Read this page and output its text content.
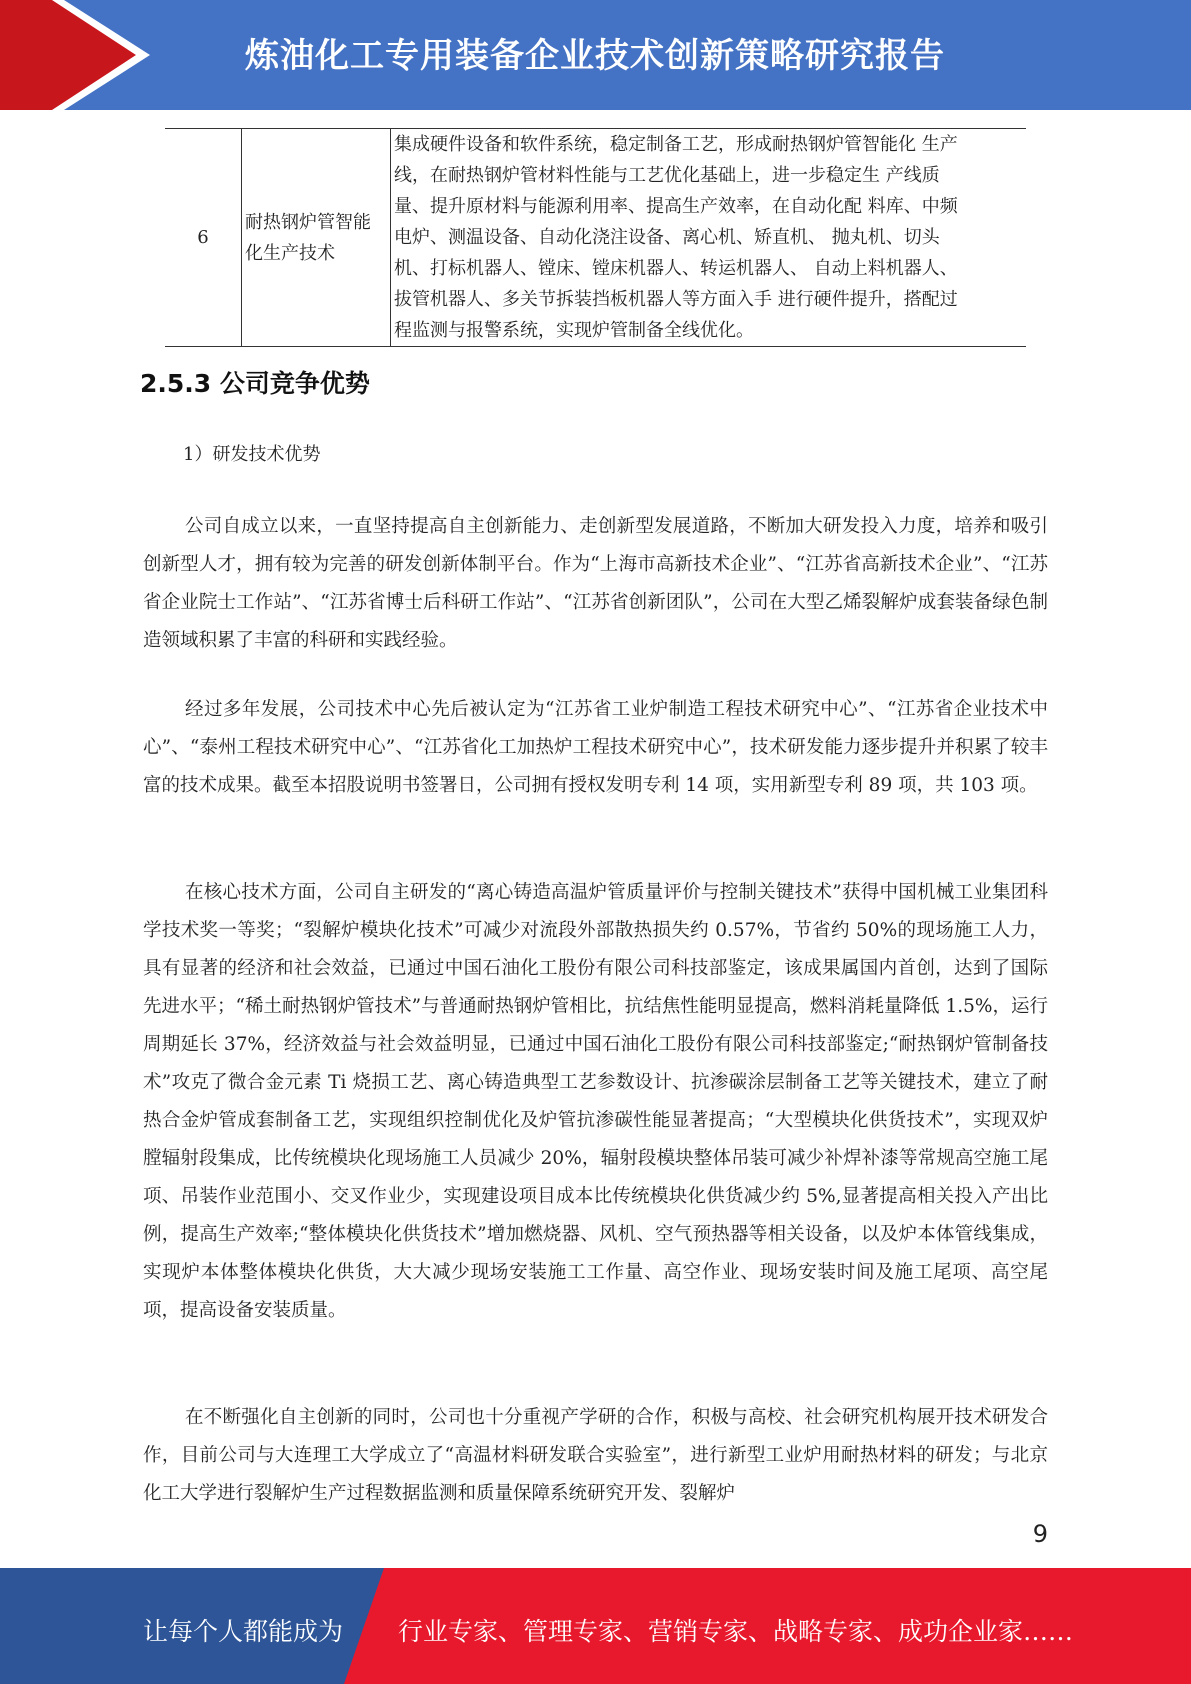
炼油化工专用装备企业技术创新策略研究报告
6	耐热钢炉管智能化生产技术	
集成硬件设备和软件系统，稳定制备工艺，形成耐热钢炉管智能化 生产
线，在耐热钢炉管材料性能与工艺优化基础上，进一步稳定生 产线质
量、提升原材料与能源利用率、提高生产效率，在自动化配 料库、中频
电炉、测温设备、自动化浇注设备、离心机、矫直机、 抛丸机、切头
机、打标机器人、镗床、镗床机器人、转运机器人、 自动上料机器人、
拔管机器人、多关节拆装挡板机器人等方面入手 进行硬件提升，搭配过
程监测与报警系统，实现炉管制备全线优化。
2.5.3 公司竞争优势
1）研发技术优势

公司自成立以来，一直坚持提高自主创新能力、走创新型发展道路，不断加大研发投入力度，培养和吸引创新型人才，拥有较为完善的研发创新体制平台。作为“上海市高新技术企业”、“江苏省高新技术企业”、“江苏省企业院士工作站”、“江苏省博士后科研工作站”、“江苏省创新团队”，公司在大型乙烯裂解炉成套装备绿色制造领域积累了丰富的科研和实践经验。

经过多年发展，公司技术中心先后被认定为“江苏省工业炉制造工程技术研究中心”、“江苏省企业技术中心”、“泰州工程技术研究中心”、“江苏省化工加热炉工程技术研究中心”，技术研发能力逐步提升并积累了较丰富的技术成果。截至本招股说明书签署日，公司拥有授权发明专利 14 项，实用新型专利 89 项，共 103 项。

在核心技术方面，公司自主研发的“离心铸造高温炉管质量评价与控制关键技术”获得中国机械工业集团科学技术奖一等奖；“裂解炉模块化技术”可减少对流段外部散热损失约 0.57%，节省约 50%的现场施工人力，具有显著的经济和社会效益，已通过中国石油化工股份有限公司科技部鉴定，该成果属国内首创，达到了国际先进水平；“稀土耐热钢炉管技术”与普通耐热钢炉管相比，抗结焦性能明显提高，燃料消耗量降低 1.5%，运行周期延长 37%，经济效益与社会效益明显，已通过中国石油化工股份有限公司科技部鉴定;“耐热钢炉管制备技术”攻克了微合金元素 Ti 烧损工艺、离心铸造典型工艺参数设计、抗渗碳涂层制备工艺等关键技术，建立了耐热合金炉管成套制备工艺，实现组织控制优化及炉管抗渗碳性能显著提高；“大型模块化供货技术”，实现双炉膛辐射段集成，比传统模块化现场施工人员减少 20%，辐射段模块整体吊装可减少补焊补漆等常规高空施工尾项、吊装作业范围小、交叉作业少，实现建设项目成本比传统模块化供货减少约 5%,显著提高相关投入产出比例，提高生产效率;“整体模块化供货技术”增加燃烧器、风机、空气预热器等相关设备，以及炉本体管线集成，实现炉本体整体模块化供货，大大减少现场安装施工工作量、高空作业、现场安装时间及施工尾项、高空尾项，提高设备安装质量。

在不断强化自主创新的同时，公司也十分重视产学研的合作，积极与高校、社会研究机构展开技术研发合作，目前公司与大连理工大学成立了“高温材料研发联合实验室”，进行新型工业炉用耐热材料的研发；与北京化工大学进行裂解炉生产过程数据监测和质量保障系统研究开发、裂解炉

9
让每个人都能成为 行业专家、管理专家、营销专家、战略专家、成功企业家……
